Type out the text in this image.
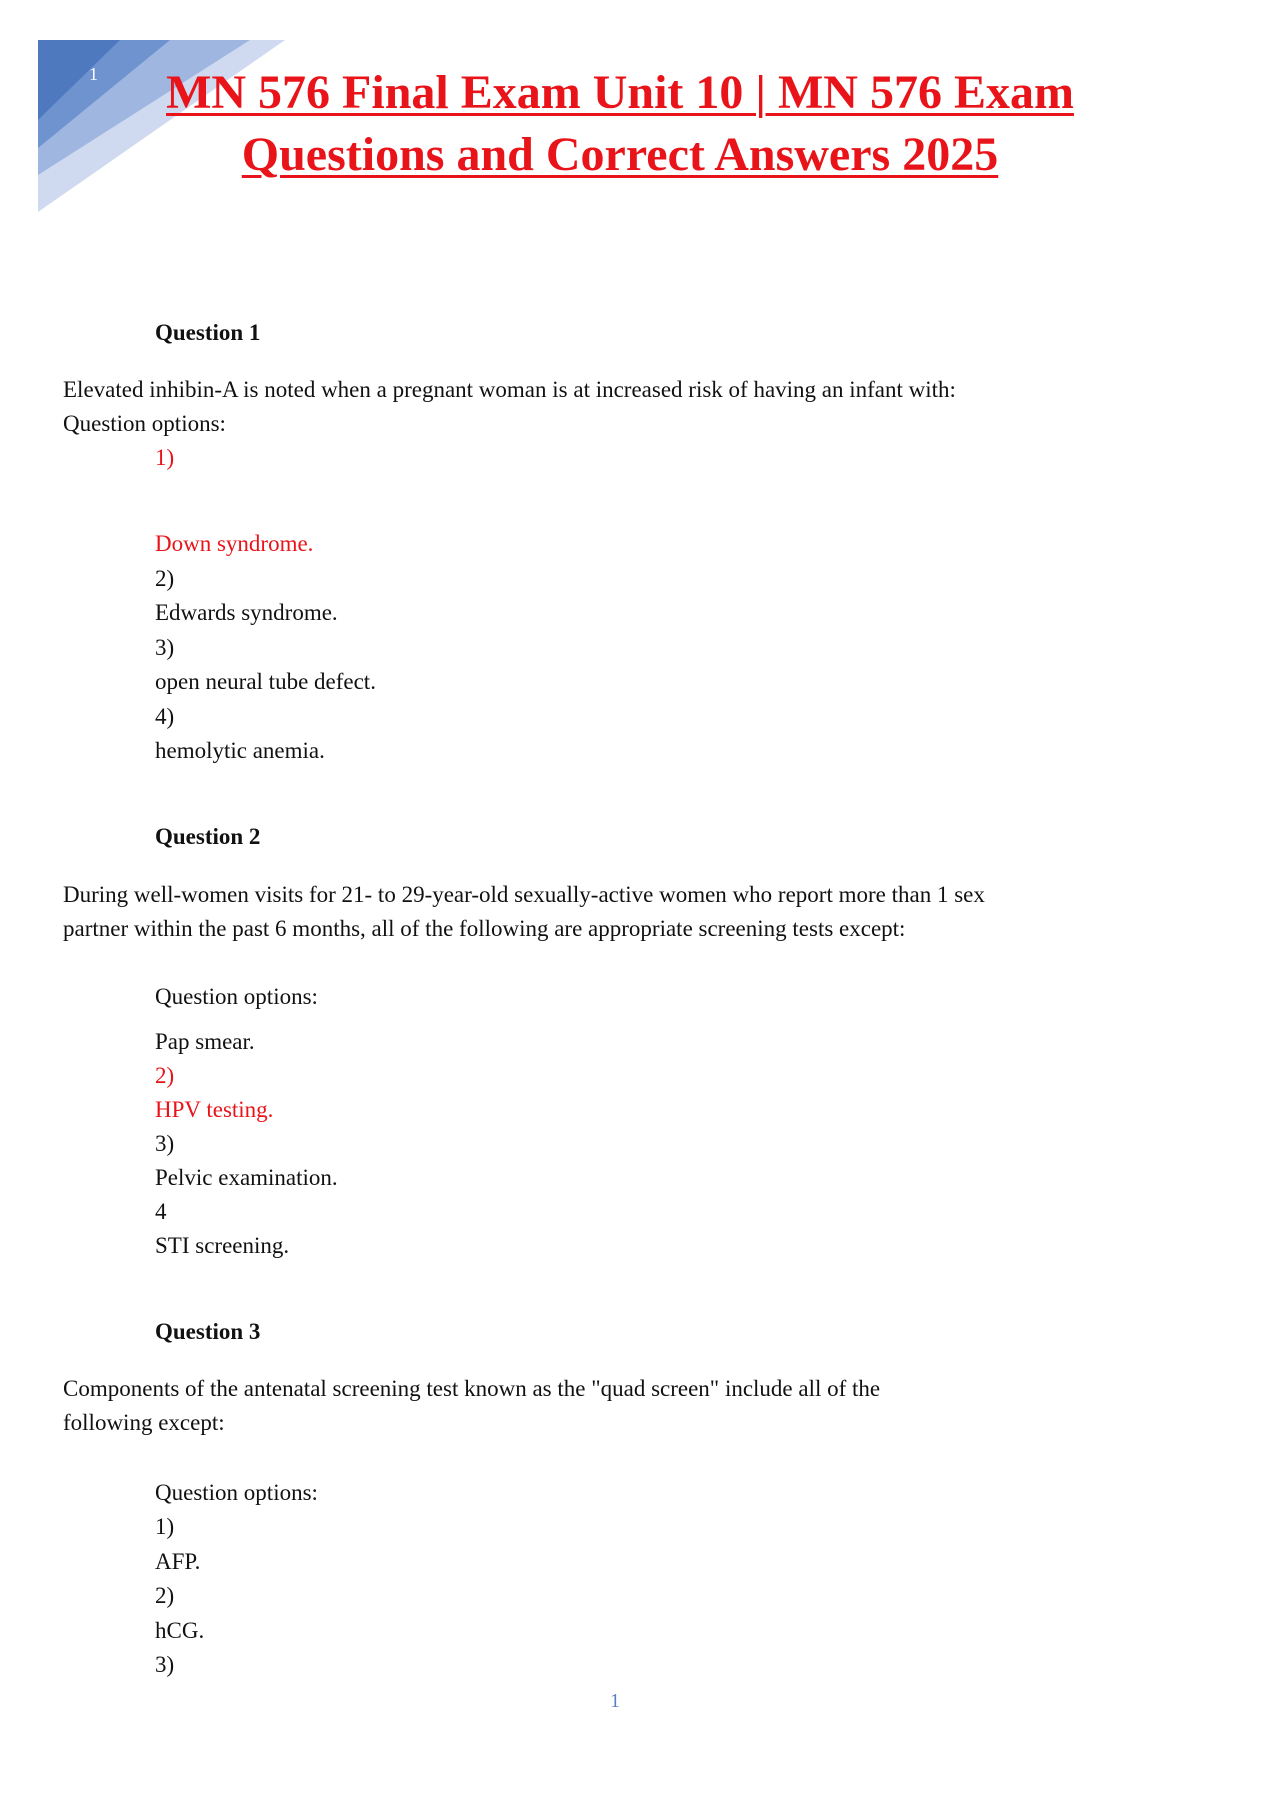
1	MN 576 Final Exam Unit 10 | MN 576 Exam
Questions and Correct Answers 2025
Question 1
Elevated inhibin-A is noted when a pregnant woman is at increased risk of having an infant with:
Question options:
1)
Down syndrome.
2)
Edwards syndrome.
3)
open neural tube defect.
4)
hemolytic anemia.
Question 2
During well-women visits for 21- to 29-year-old sexually-active women who report more than 1 sex
partner within the past 6 months, all of the following are appropriate screening tests except:
Question options:
Pap smear.
2)
HPV testing.
3)
Pelvic examination.
4
STI screening.
Question 3
Components of the antenatal screening test known as the "quad screen" include all of the
following except:
Question options:
1)
AFP.
2)
hCG.
3)
1
